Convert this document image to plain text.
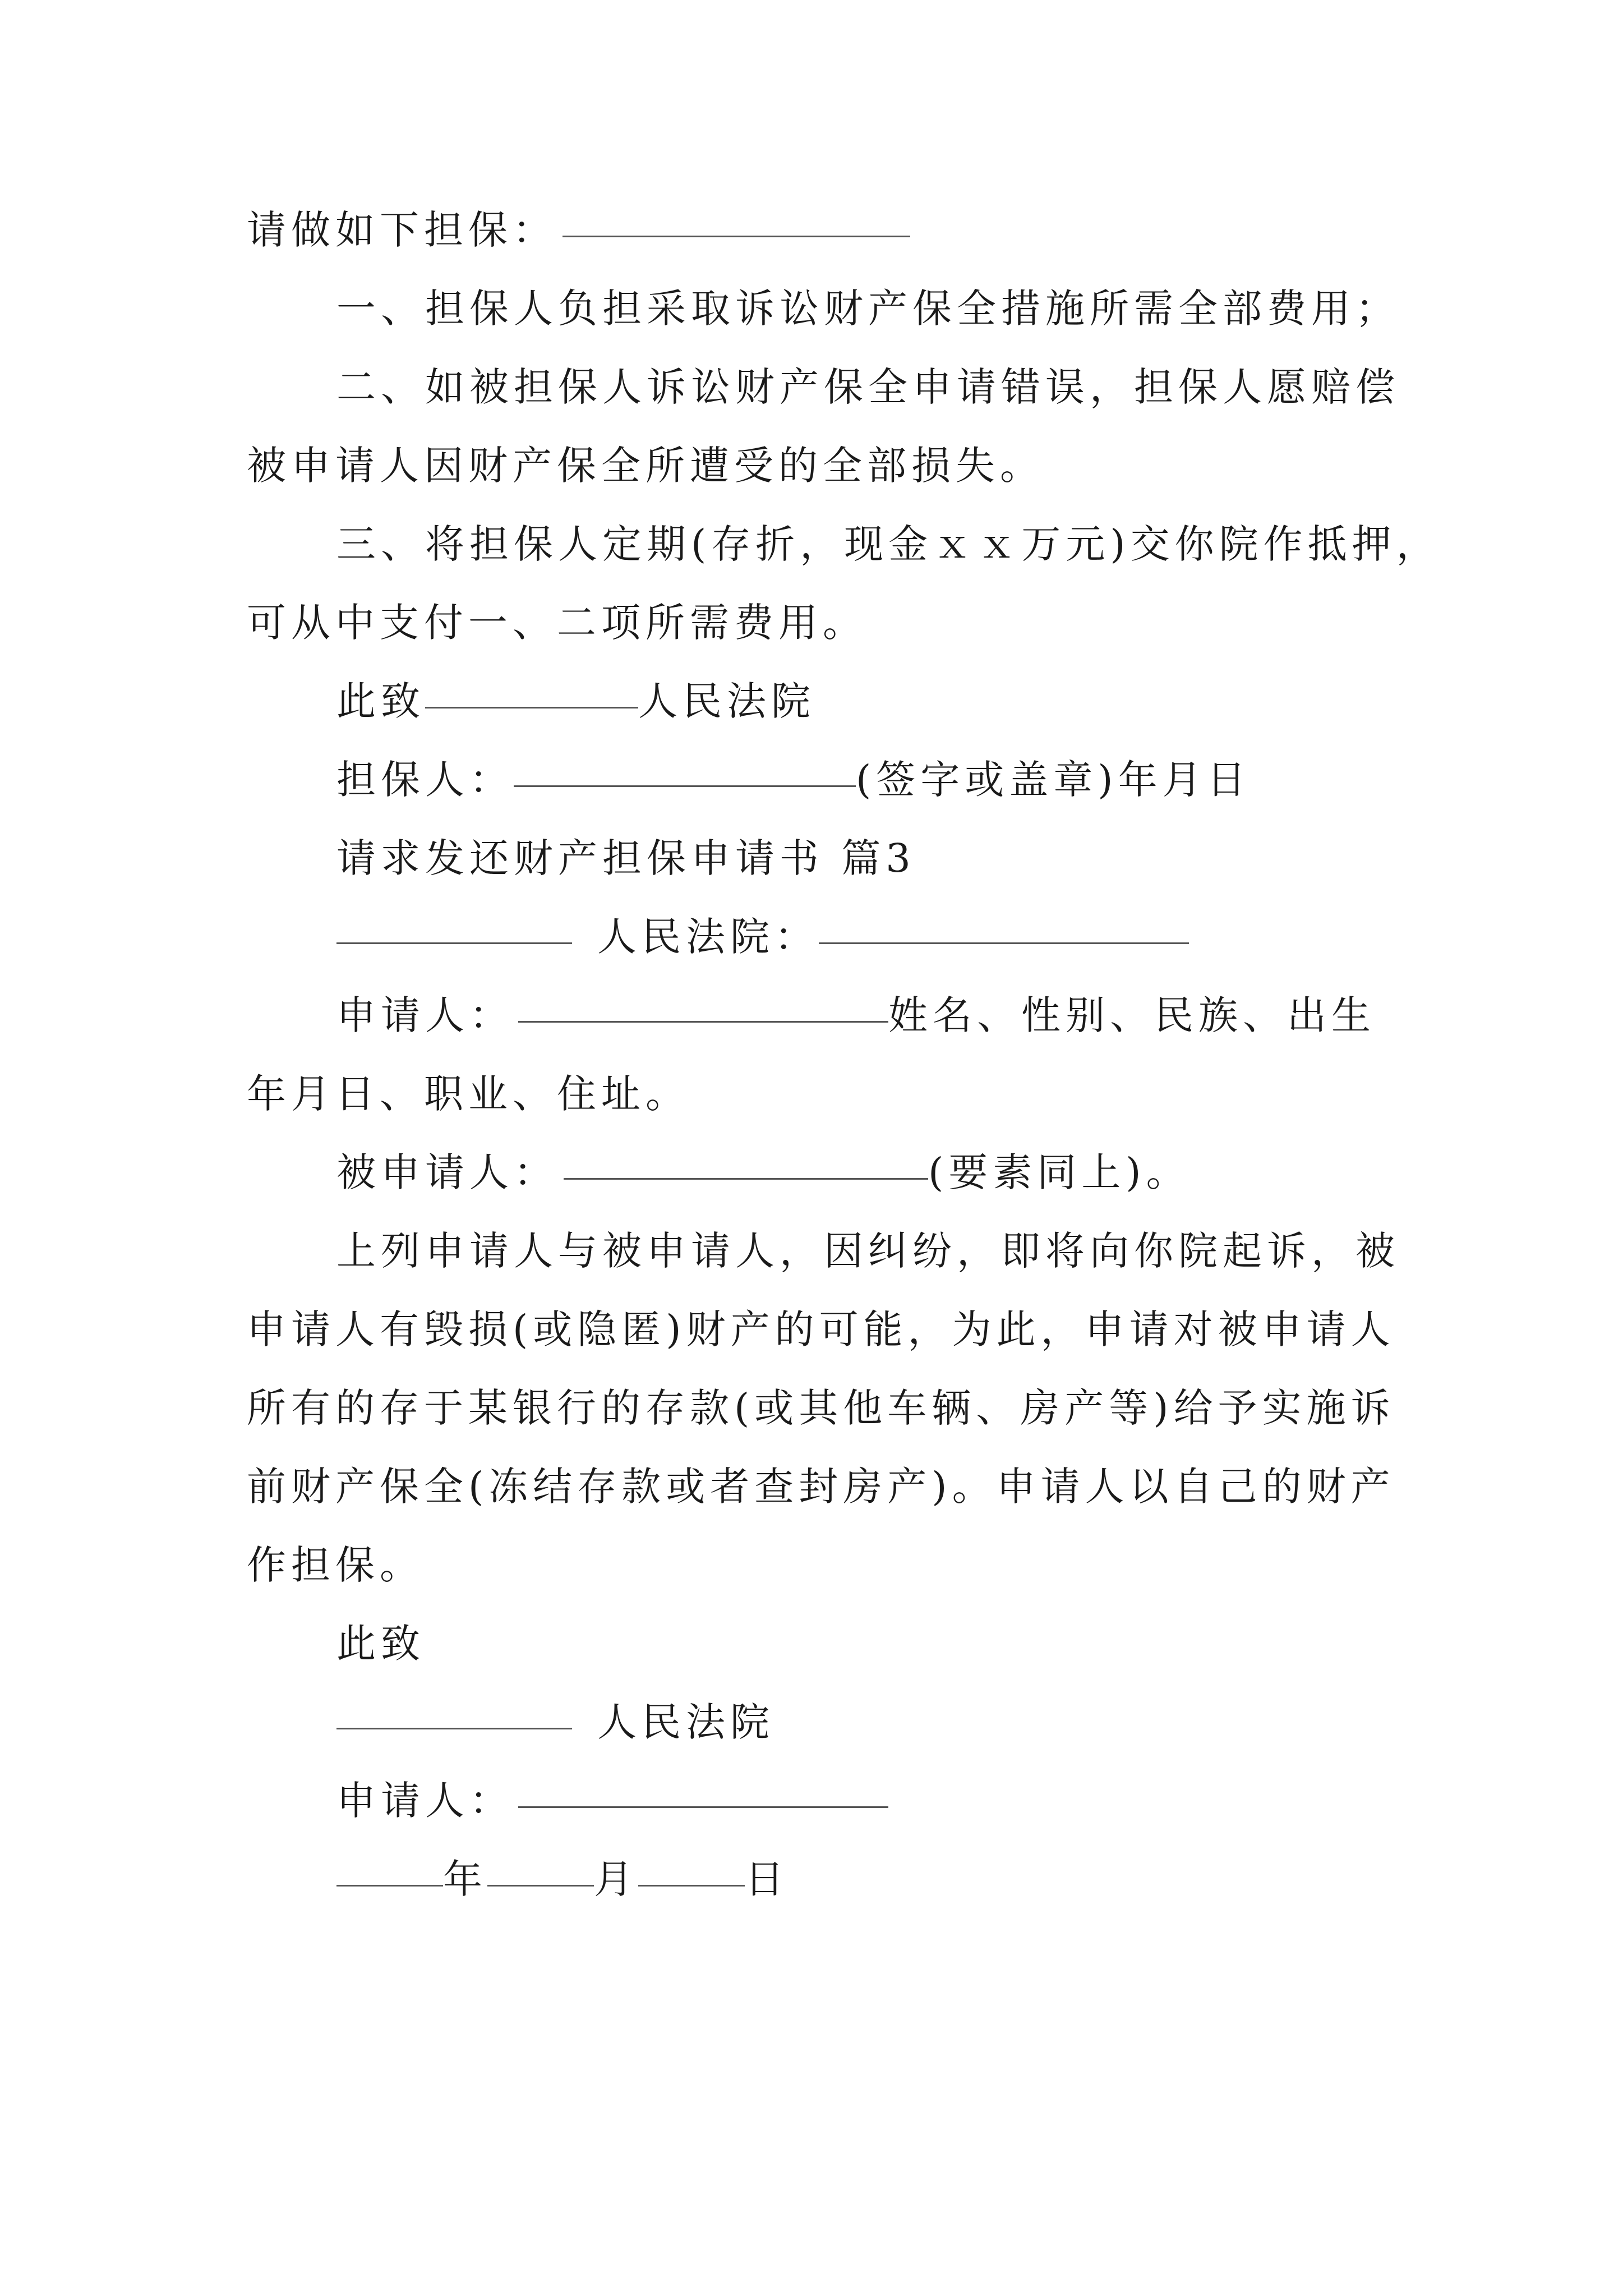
请做如下担保：
一、担保人负担采取诉讼财产保全措施所需全部费用；
二、如被担保人诉讼财产保全申请错误，担保人愿赔偿
被申请人因财产保全所遭受的全部损失。
三、将担保人定期(存折，现金ｘｘ万元)交你院作抵押，
可从中支付一、二项所需费用。
此致	人民法院
担保人：	(签字或盖章)年月日
请求发还财产担保申请书 篇3
人民法院：
申请人：	姓名、性别、民族、出生
年月日、职业、住址。
被申请人：	(要素同上)。
上列申请人与被申请人，因纠纷，即将向你院起诉，被
申请人有毁损(或隐匿)财产的可能，为此，申请对被申请人
所有的存于某银行的存款(或其他车辆、房产等)给予实施诉
前财产保全(冻结存款或者查封房产)。申请人以自己的财产
作担保。
此致
人民法院
申请人：
年	月	日
